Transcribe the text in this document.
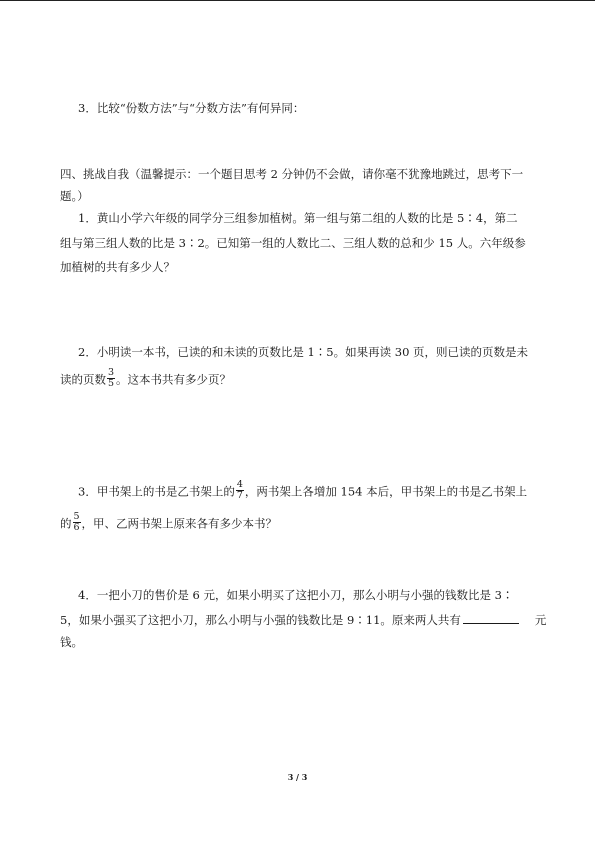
3．比较“份数方法”与“分数方法”有何异同：
四、挑战自我（温馨提示：一个题目思考 2 分钟仍不会做，请你毫不犹豫地跳过，思考下一
题。）
1．黄山小学六年级的同学分三组参加植树。第一组与第二组的人数的比是 5∶4，第二
组与第三组人数的比是 3∶2。已知第一组的人数比二、三组人数的总和少 15 人。六年级参
加植树的共有多少人？
2．小明读一本书，已读的和未读的页数比是 1∶5。如果再读 30 页，则已读的页数是未
读的页数 $\frac{3}{5}$ 。这本书共有多少页？
3．甲书架上的书是乙书架上的 $\frac{4}{7}$ ，两书架上各增加 154 本后，甲书架上的书是乙书架上
的 $\frac{5}{6}$ ，甲、乙两书架上原来各有多少本书？
4．一把小刀的售价是 6 元，如果小明买了这把小刀，那么小明与小强的钱数比是 3∶
5，如果小强买了这把小刀，那么小明与小强的钱数比是 9∶11。原来两人共有	元
钱。
3 / 3
